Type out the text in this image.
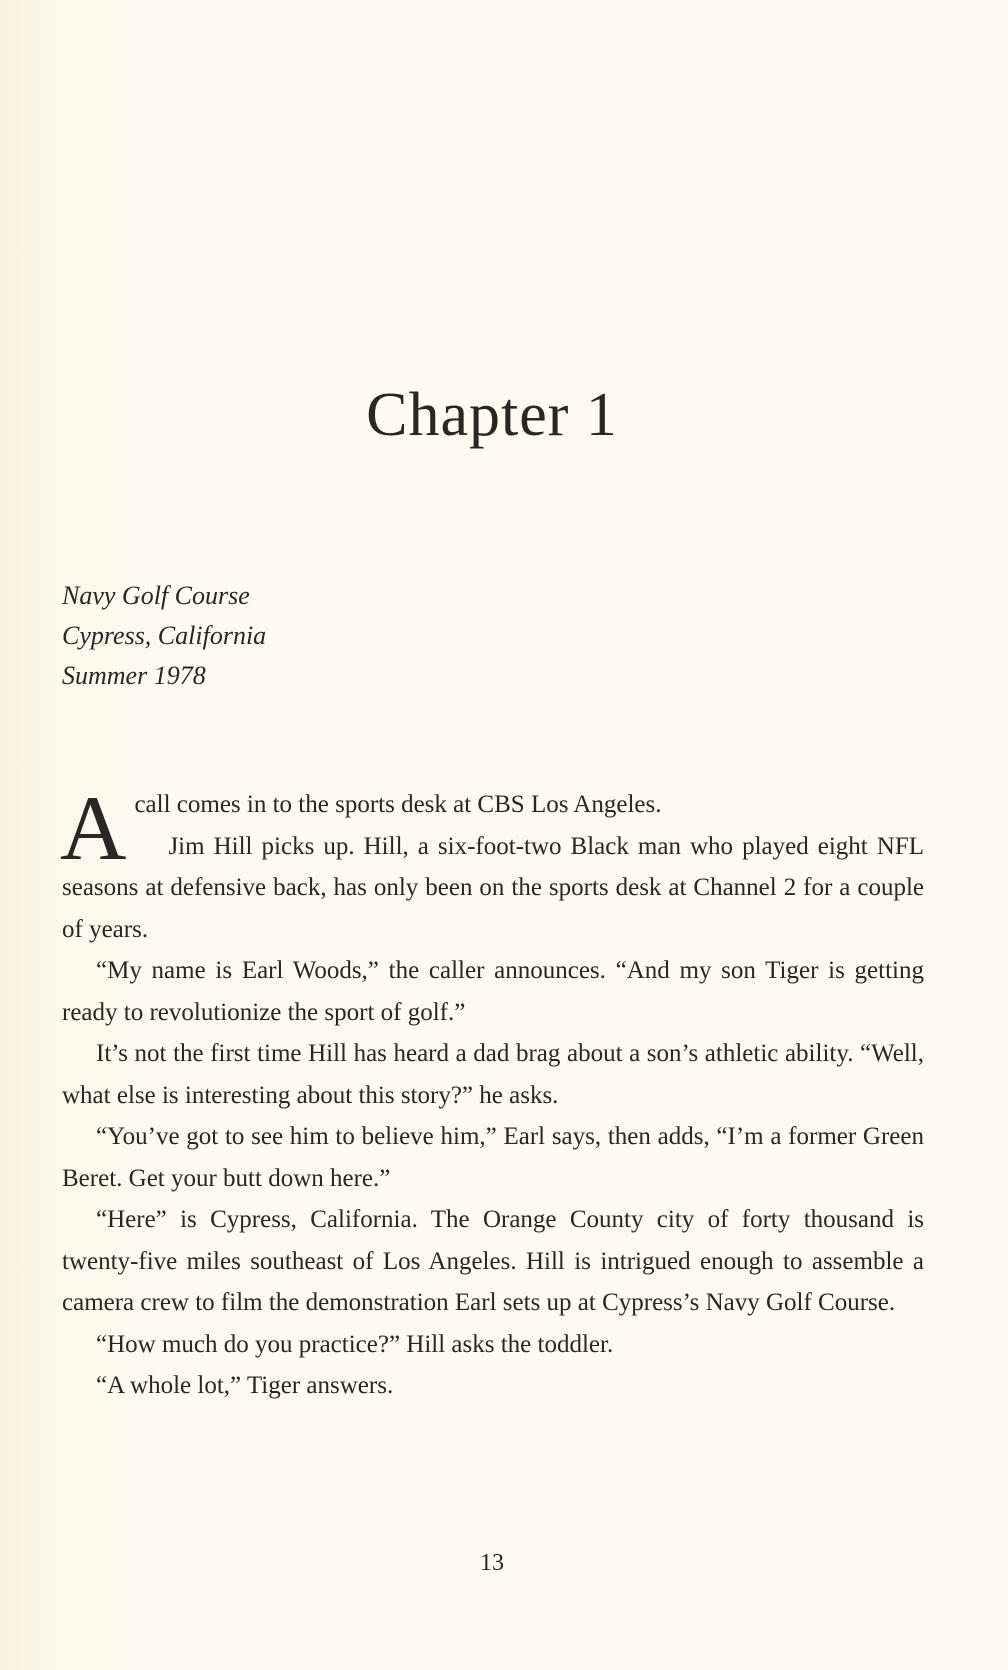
Chapter 1
Navy Golf Course
Cypress, California
Summer 1978

A call comes in to the sports desk at CBS Los Angeles.

Jim Hill picks up. Hill, a six-foot-two Black man who played eight NFL seasons at defensive back, has only been on the sports desk at Channel 2 for a couple of years.

“My name is Earl Woods,” the caller announces. “And my son Tiger is getting ready to revolutionize the sport of golf.”

It’s not the first time Hill has heard a dad brag about a son’s athletic ability. “Well, what else is interesting about this story?” he asks.

“You’ve got to see him to believe him,” Earl says, then adds, “I’m a former Green Beret. Get your butt down here.”

“Here” is Cypress, California. The Orange County city of forty thousand is twenty-five miles southeast of Los Angeles. Hill is intrigued enough to assemble a camera crew to film the demonstration Earl sets up at Cypress’s Navy Golf Course.

“How much do you practice?” Hill asks the toddler.

“A whole lot,” Tiger answers.

13
